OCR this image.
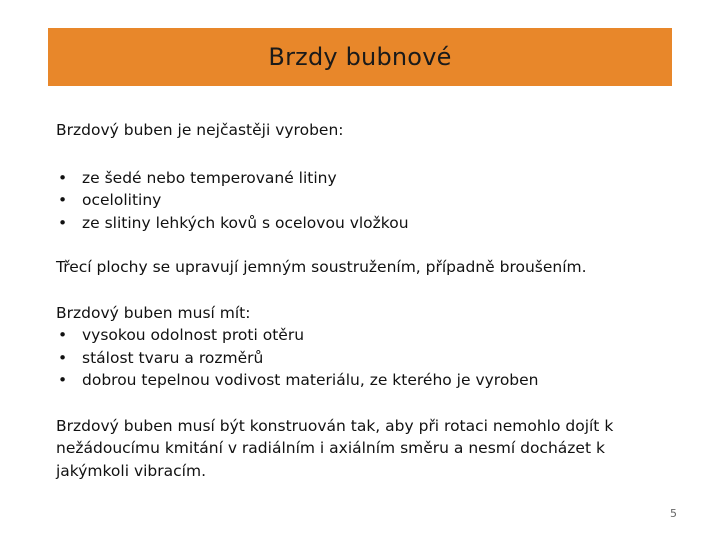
Brzdy bubnové

Brzdový buben je nejčastěji vyroben:

• ze šedé nebo temperované litiny
• ocelolitiny
• ze slitiny lehkých kovů s ocelovou vložkou

Třecí plochy se upravují jemným soustružením, případně broušením.

Brzdový buben musí mít:

• vysokou odolnost proti otěru
• stálost tvaru a rozměrů
• dobrou tepelnou vodivost materiálu, ze kterého je vyroben

Brzdový buben musí být konstruován tak, aby při rotaci nemohlo dojít k nežádoucímu kmitání v radiálním i axiálním směru a nesmí docházet k jakýmkoli vibracím.

5
